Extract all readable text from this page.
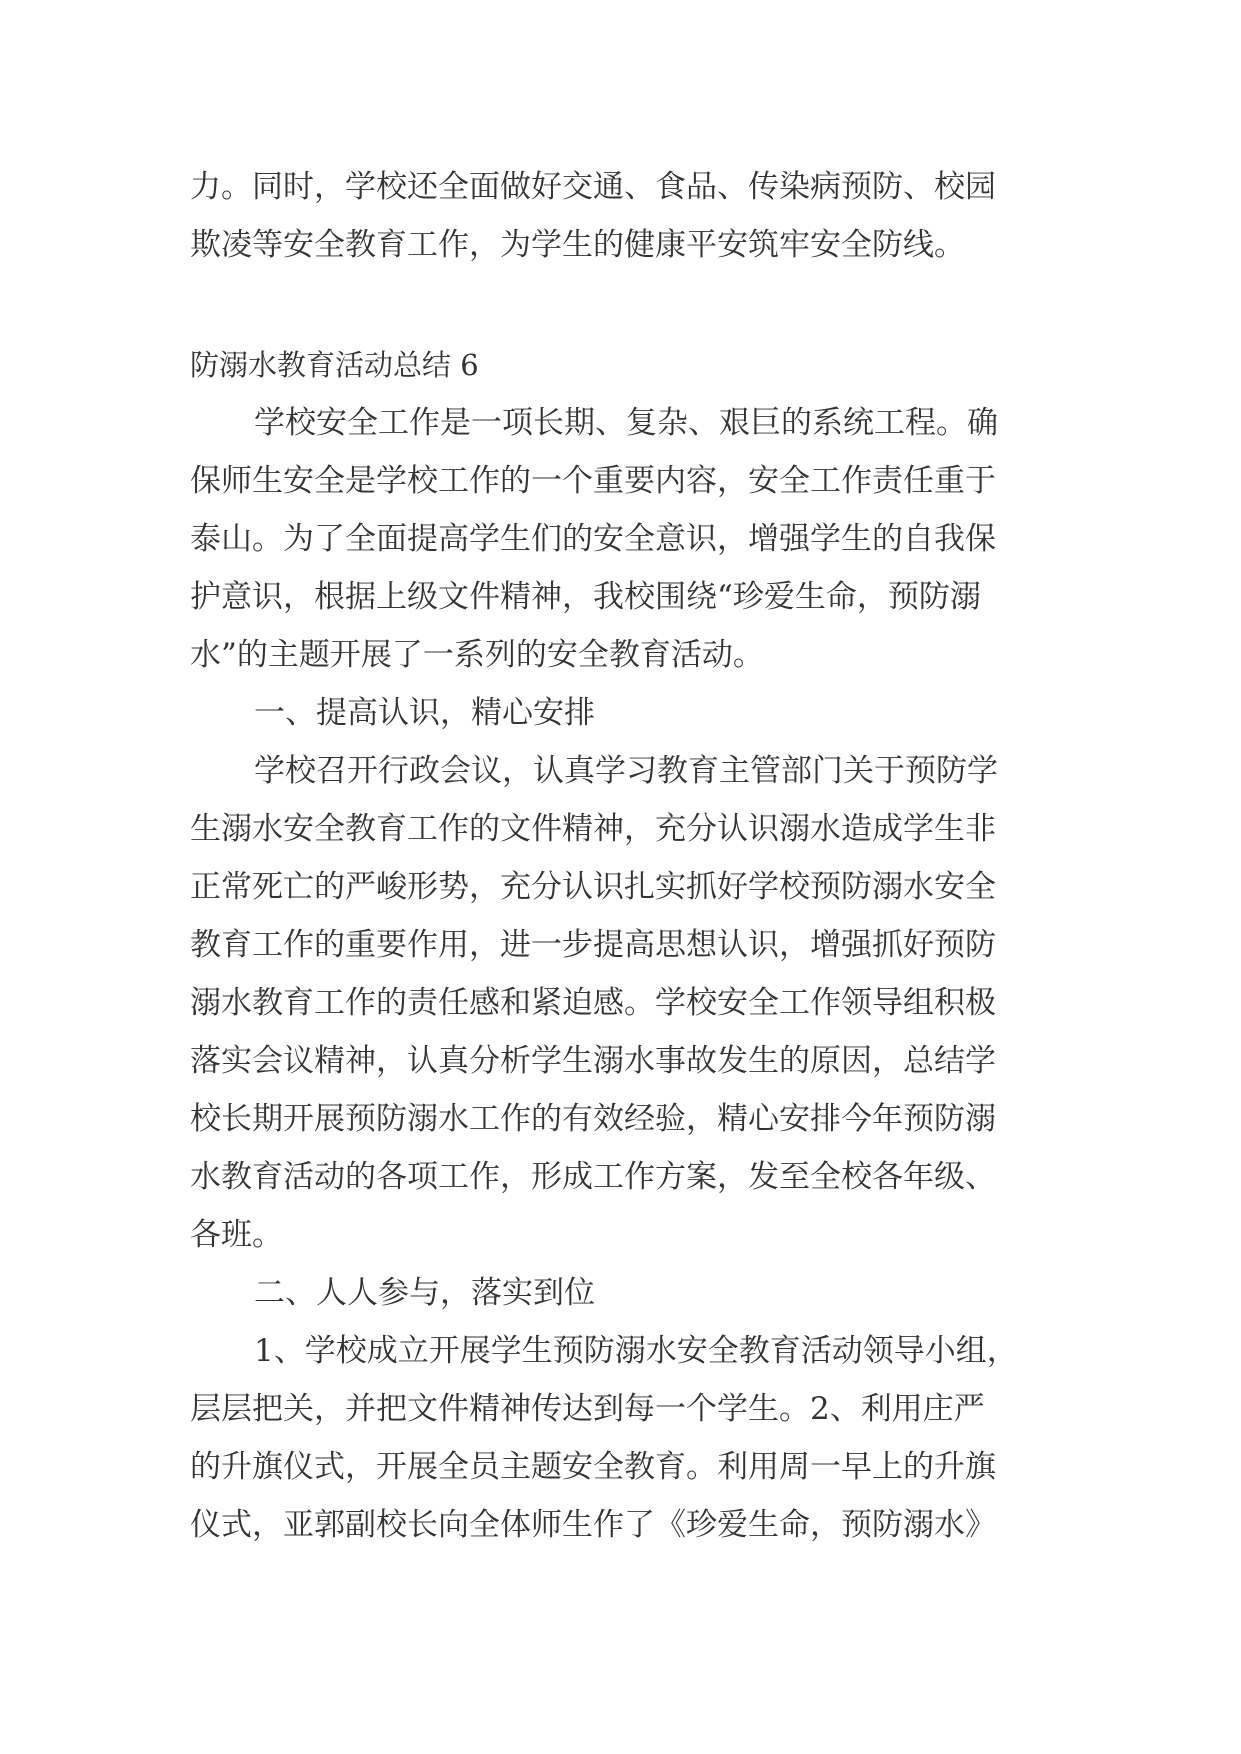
力。同时，学校还全面做好交通、食品、传染病预防、校园

欺凌等安全教育工作，为学生的健康平安筑牢安全防线。

防溺水教育活动总结 6

学校安全工作是一项长期、复杂、艰巨的系统工程。确

保师生安全是学校工作的一个重要内容，安全工作责任重于

泰山。为了全面提高学生们的安全意识，增强学生的自我保

护意识，根据上级文件精神，我校围绕“珍爱生命，预防溺

水”的主题开展了一系列的安全教育活动。

一、提高认识，精心安排

学校召开行政会议，认真学习教育主管部门关于预防学

生溺水安全教育工作的文件精神，充分认识溺水造成学生非

正常死亡的严峻形势，充分认识扎实抓好学校预防溺水安全

教育工作的重要作用，进一步提高思想认识，增强抓好预防

溺水教育工作的责任感和紧迫感。学校安全工作领导组积极

落实会议精神，认真分析学生溺水事故发生的原因，总结学

校长期开展预防溺水工作的有效经验，精心安排今年预防溺

水教育活动的各项工作，形成工作方案，发至全校各年级、

各班。

二、人人参与，落实到位

1、学校成立开展学生预防溺水安全教育活动领导小组，

层层把关，并把文件精神传达到每一个学生。2、利用庄严

的升旗仪式，开展全员主题安全教育。利用周一早上的升旗

仪式，亚郭副校长向全体师生作了《珍爱生命，预防溺水》
